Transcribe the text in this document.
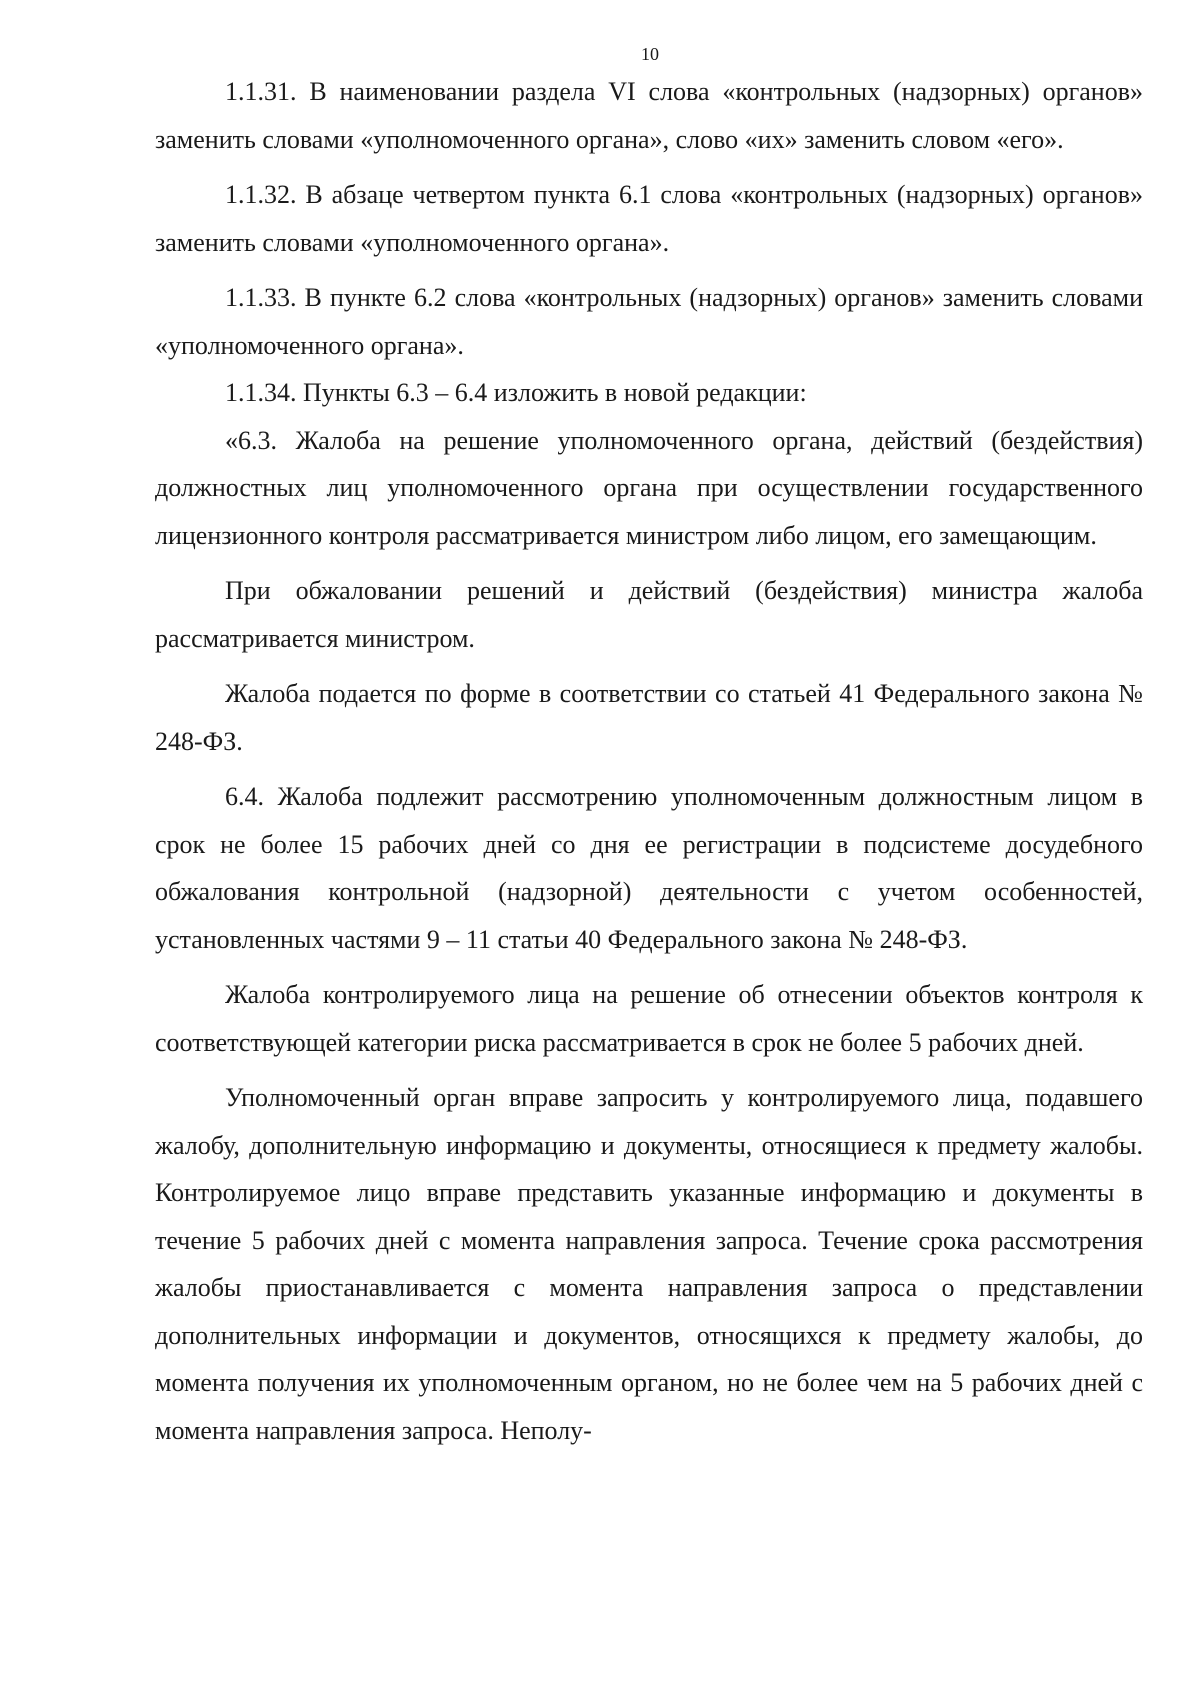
10

1.1.31. В наименовании раздела VI слова «контрольных (надзорных) органов» заменить словами «уполномоченного органа», слово «их» заменить словом «его».

1.1.32. В абзаце четвертом пункта 6.1 слова «контрольных (надзорных) органов» заменить словами «уполномоченного органа».

1.1.33. В пункте 6.2 слова «контрольных (надзорных) органов» заменить словами «уполномоченного органа».

1.1.34. Пункты 6.3 – 6.4 изложить в новой редакции:

«6.3. Жалоба на решение уполномоченного органа, действий (бездействия) должностных лиц уполномоченного органа при осуществлении государственного лицензионного контроля рассматривается министром либо лицом, его замещающим.

При обжаловании решений и действий (бездействия) министра жалоба рассматривается министром.

Жалоба подается по форме в соответствии со статьей 41 Федерального закона № 248-ФЗ.

6.4. Жалоба подлежит рассмотрению уполномоченным должностным лицом в срок не более 15 рабочих дней со дня ее регистрации в подсистеме досудебного обжалования контрольной (надзорной) деятельности с учетом особенностей, установленных частями 9 – 11 статьи 40 Федерального закона № 248-ФЗ.

Жалоба контролируемого лица на решение об отнесении объектов контроля к соответствующей категории риска рассматривается в срок не более 5 рабочих дней.

Уполномоченный орган вправе запросить у контролируемого лица, подавшего жалобу, дополнительную информацию и документы, относящиеся к предмету жалобы. Контролируемое лицо вправе представить указанные информацию и документы в течение 5 рабочих дней с момента направления запроса. Течение срока рассмотрения жалобы приостанавливается с момента направления запроса о представлении дополнительных информации и документов, относящихся к предмету жалобы, до момента получения их уполномоченным органом, но не более чем на 5 рабочих дней с момента направления запроса. Неполу-
